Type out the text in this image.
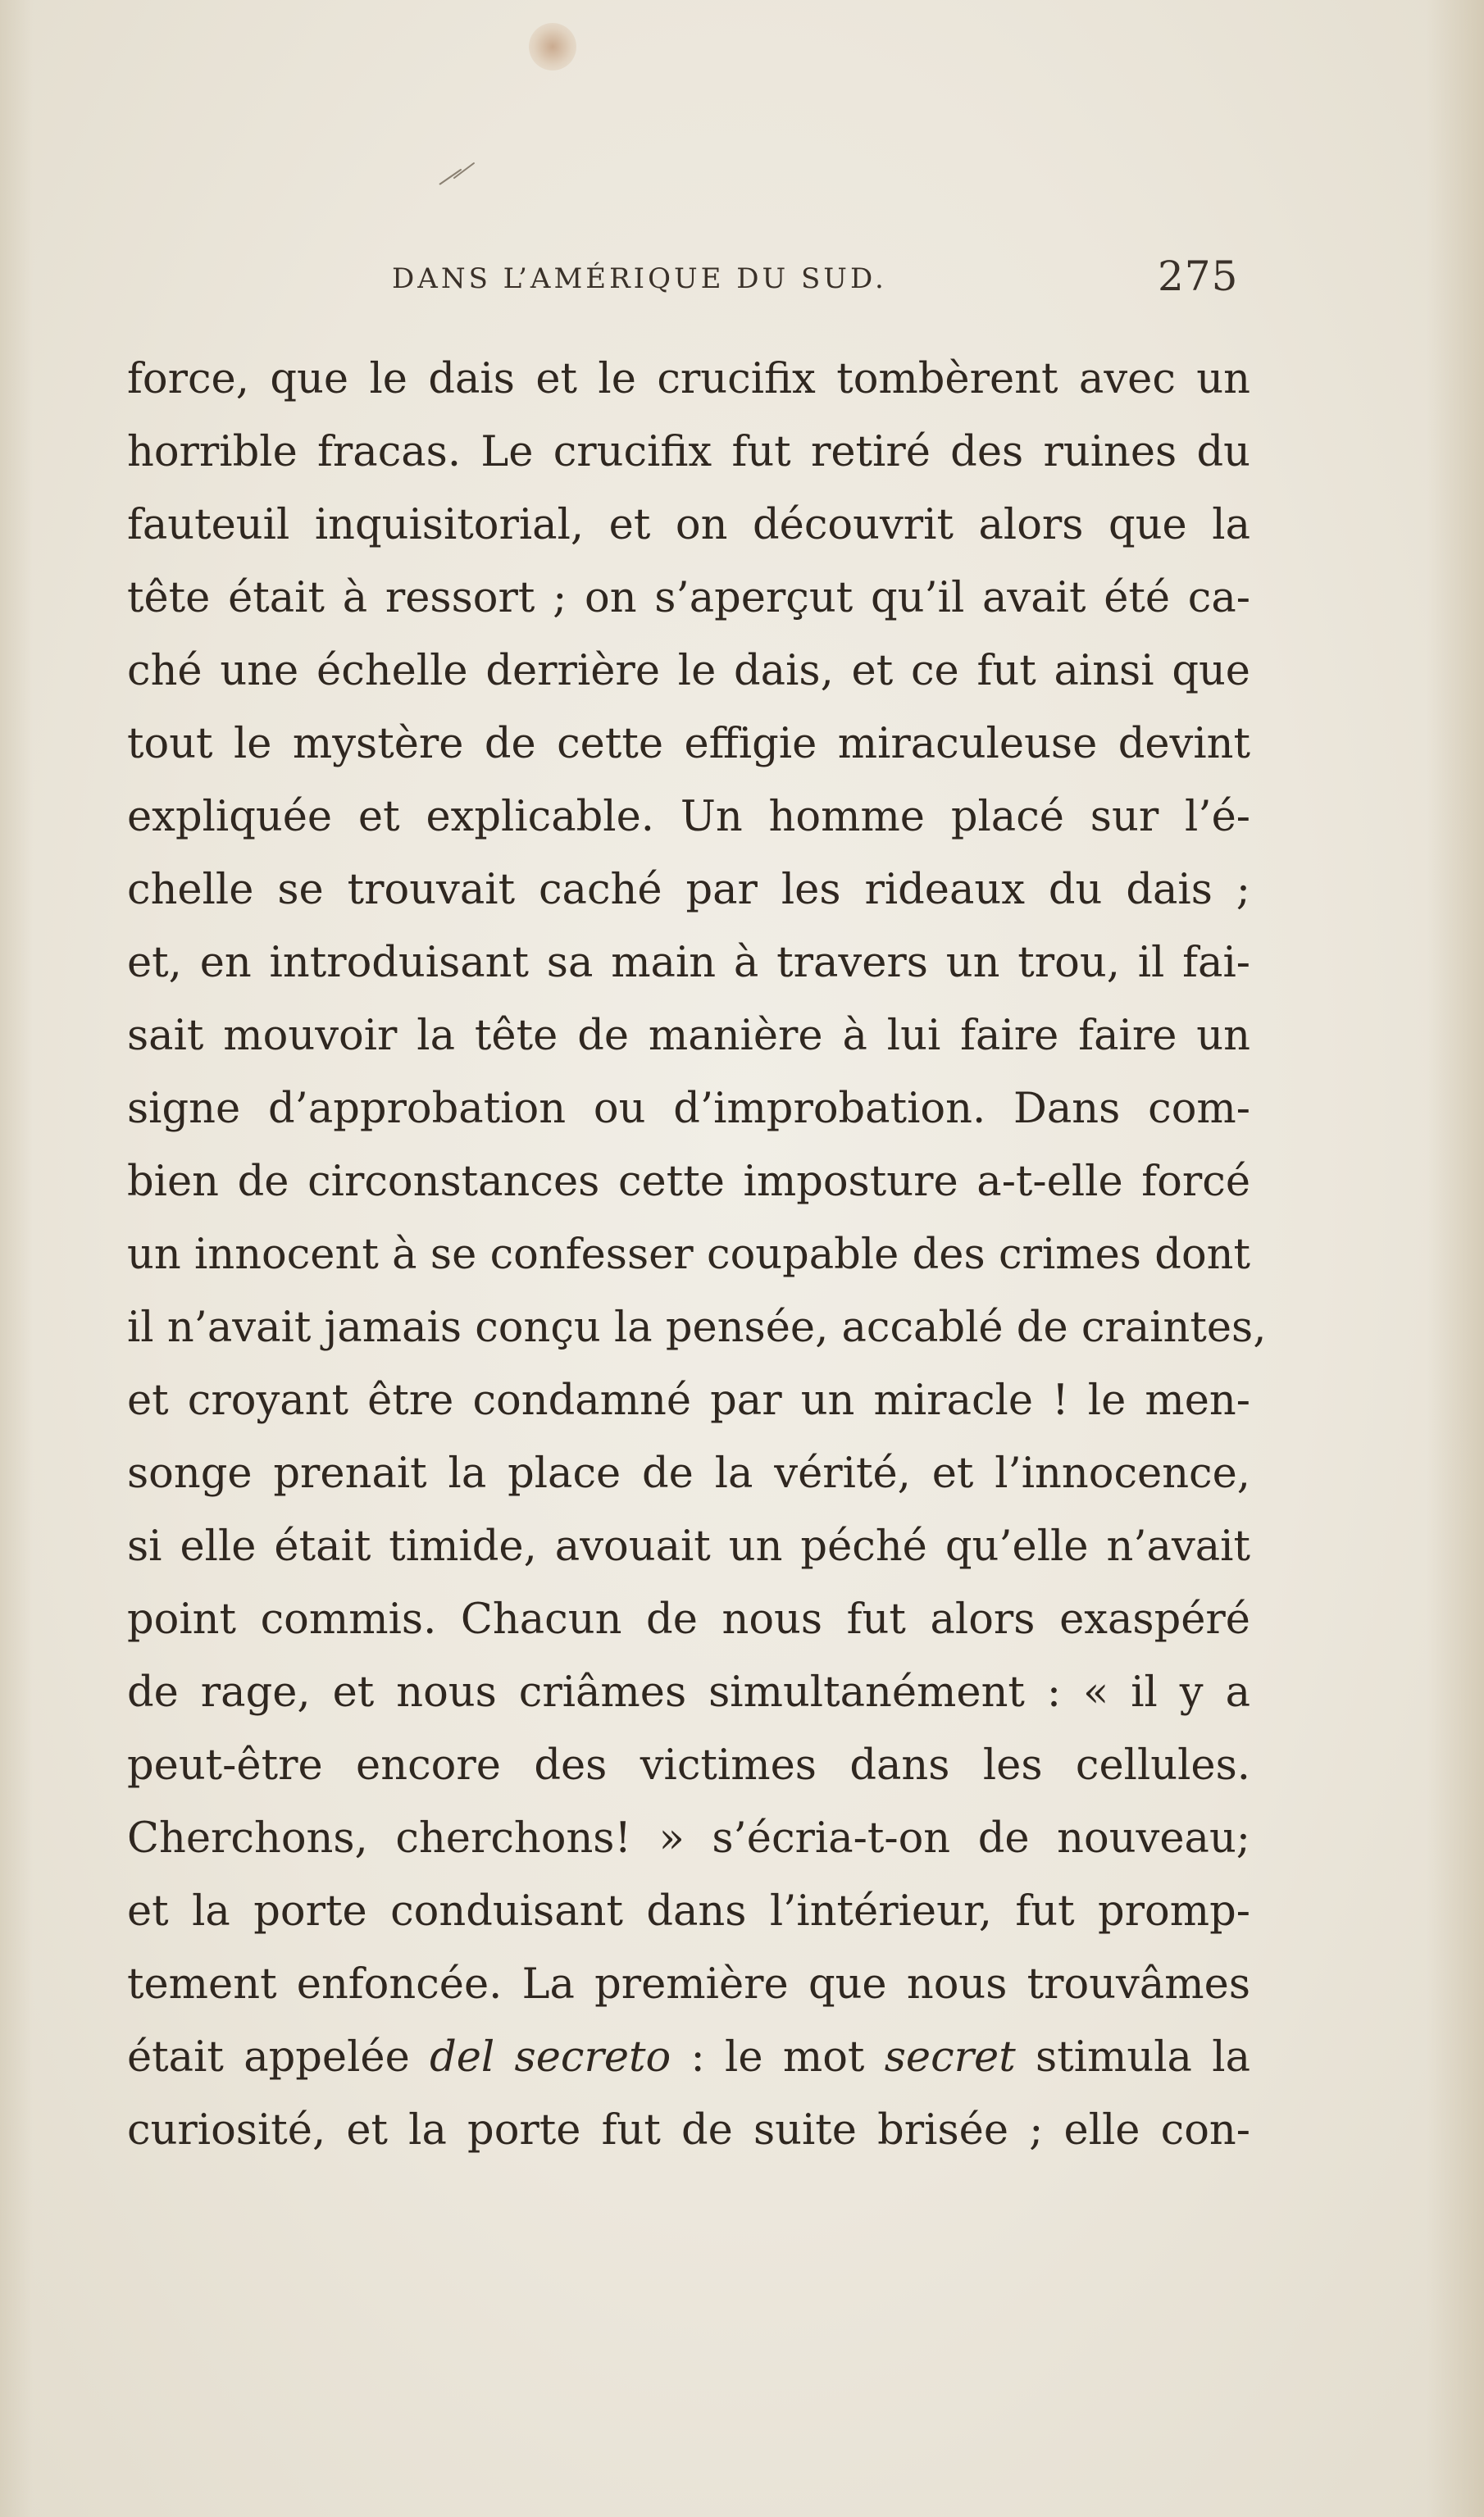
DANS L’AMÉRIQUE DU SUD.	275
force, que le dais et le crucifix tombèrent avec un
horrible fracas. Le crucifix fut retiré des ruines du
fauteuil inquisitorial, et on découvrit alors que la
tête était à ressort ; on s’aperçut qu’il avait été ca-
ché une échelle derrière le dais, et ce fut ainsi que
tout le mystère de cette effigie miraculeuse devint
expliquée et explicable. Un homme placé sur l’é-
chelle se trouvait caché par les rideaux du dais ;
et, en introduisant sa main à travers un trou, il fai-
sait mouvoir la tête de manière à lui faire faire un
signe d’approbation ou d’improbation. Dans com-
bien de circonstances cette imposture a-t-elle forcé
un innocent à se confesser coupable des crimes dont
il n’avait jamais conçu la pensée, accablé de craintes,
et croyant être condamné par un miracle ! le men-
songe prenait la place de la vérité, et l’innocence,
si elle était timide, avouait un péché qu’elle n’avait
point commis. Chacun de nous fut alors exaspéré
de rage, et nous criâmes simultanément : « il y a
peut-être encore des victimes dans les cellules.
Cherchons, cherchons! » s’écria-t-on de nouveau;
et la porte conduisant dans l’intérieur, fut promp-
tement enfoncée. La première que nous trouvâmes
était appelée del secreto : le mot secret stimula la
curiosité, et la porte fut de suite brisée ; elle con-
